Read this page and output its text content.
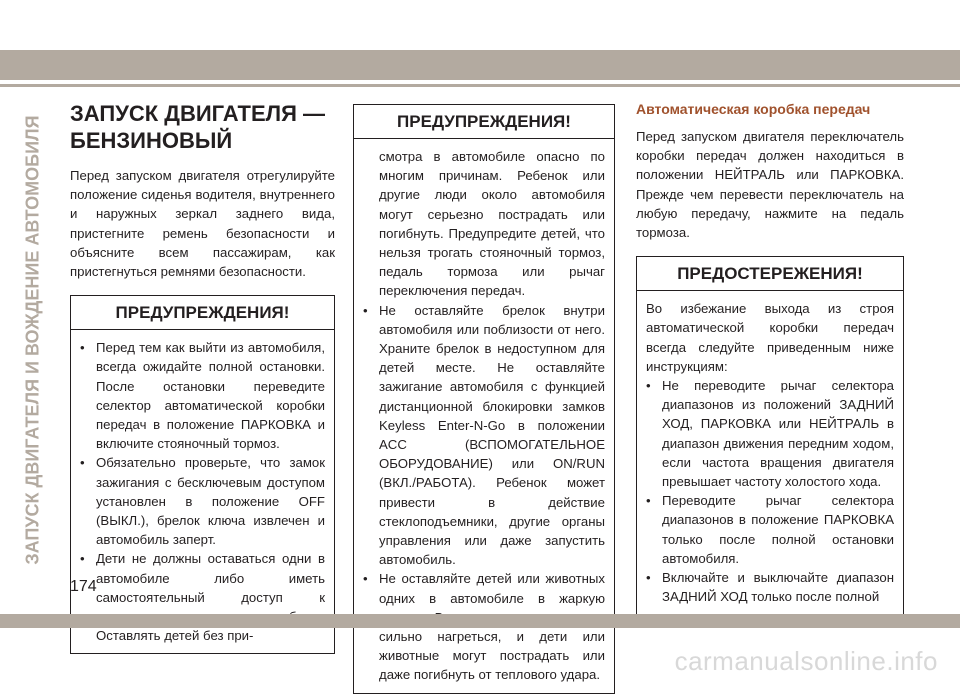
ЗАПУСК ДВИГАТЕЛЯ И ВОЖДЕНИЕ АВТОМОБИЛЯ
ЗАПУСК ДВИГАТЕЛЯ —
БЕНЗИНОВЫЙ

Перед запуском двигателя отрегулируйте положение сиденья водителя, внутреннего и наружных зеркал заднего вида, пристегните ремень безопасности и объясните всем пассажирам, как пристегнуться ремнями безопасности.

ПРЕДУПРЕЖДЕНИЯ!
• Перед тем как выйти из автомобиля, всегда ожидайте полной остановки. После остановки переведите селектор автоматической коробки передач в положение ПАРКОВКА и включите стояночный тормоз.
• Обязательно проверьте, что замок зажигания с бесключевым доступом установлен в положение OFF (ВЫКЛ.), брелок ключа извлечен и автомобиль заперт.
• Дети не должны оставаться одни в автомобиле либо иметь самостоятельный доступ к Оставлять детей без при-
ПРЕДУПРЕЖДЕНИЯ!
смотра в автомобиле опасно по многим причинам. Ребенок или другие люди около автомобиля могут серьезно пострадать или погибнуть. Предупредите детей, что нельзя трогать стояночный тормоз, педаль тормоза или рычаг переключения передач.
• Не оставляйте брелок внутри автомобиля или поблизости от него. Храните брелок в недоступном для детей месте. Не оставляйте зажигание автомобиля с функцией дистанционной блокировки замков Keyless Enter-N-Go в положении ACC (ВСПОМОГАТЕЛЬНОЕ ОБОРУДОВАНИЕ) или ON/RUN (ВКЛ./РАБОТА). Ребенок может привести в действие стеклоподъемники, другие органы управления или даже запустить автомобиль.
• Не оставляйте детей или животных одних в автомобиле в жаркую сильно нагреться, и дети или животные могут пострадать или даже погибнуть от теплового удара.
Автоматическая коробка передач

Перед запуском двигателя переключатель коробки передач должен находиться в положении НЕЙТРАЛЬ или ПАРКОВКА. Прежде чем перевести переключатель на любую передачу, нажмите на педаль тормоза.

ПРЕДОСТЕРЕЖЕНИЯ!

Во избежание выхода из строя автоматической коробки передач всегда следуйте приведенным ниже инструкциям:

• Не переводите рычаг селектора диапазонов из положений ЗАДНИЙ ХОД, ПАРКОВКА или НЕЙТРАЛЬ в диапазон движения передним ходом, если частота вращения двигателя превышает частоту холостого хода.
• Переводите рычаг селектора диапазонов в положение ПАРКОВКА только после полной остановки автомобиля.
• Включайте и выключайте диапазон ЗАДНИЙ ХОД только после полной
174
carmanualsonline.info
